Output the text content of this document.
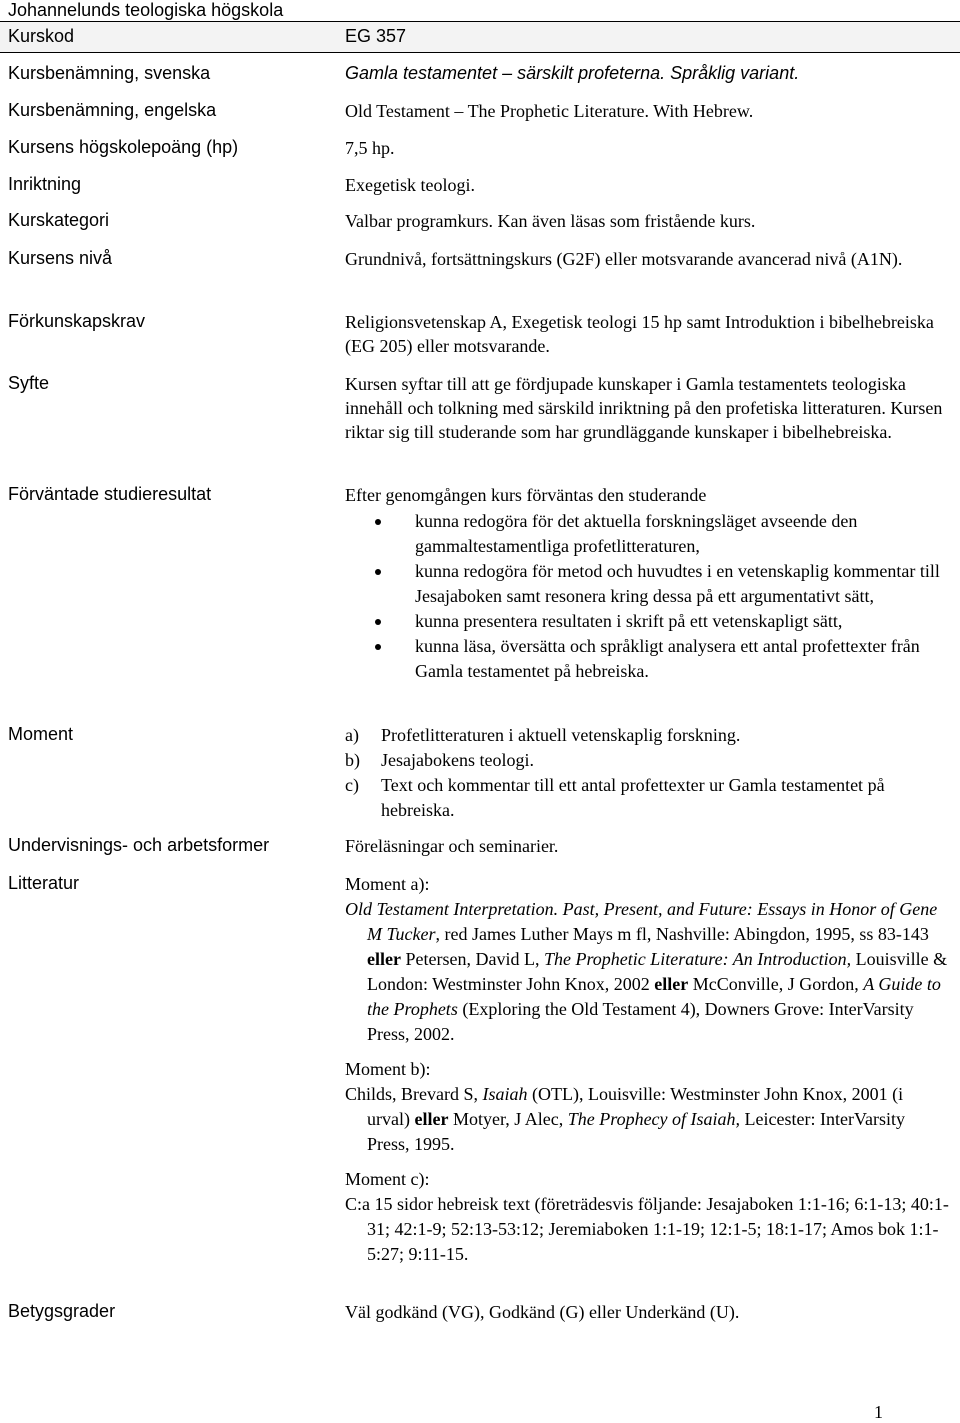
Johannelunds teologiska högskola
Kurskod	EG 357
Kursbenämning, svenska	Gamla testamentet – särskilt profeterna. Språklig variant.
Kursbenämning, engelska	Old Testament – The Prophetic Literature. With Hebrew.
Kursens högskolepoäng (hp)	7,5 hp.
Inriktning	Exegetisk teologi.
Kurskategori	Valbar programkurs. Kan även läsas som fristående kurs.
Kursens nivå	Grundnivå, fortsättningskurs (G2F) eller motsvarande avancerad nivå (A1N).
Förkunskapskrav	Religionsvetenskap A, Exegetisk teologi 15 hp samt Introduktion i bibelhebreiska (EG 205) eller motsvarande.
Syfte	Kursen syftar till att ge fördjupade kunskaper i Gamla testamentets teologiska innehåll och tolkning med särskild inriktning på den profetiska litteraturen. Kursen riktar sig till studerande som har grundläggande kunskaper i bibelhebreiska.
Förväntade studieresultat	Efter genomgången kurs förväntas den studerande

kunna redogöra för det aktuella forskningsläget avseende den gammaltestamentliga profetlitteraturen,
kunna redogöra för metod och huvudtes i en vetenskaplig kommentar till Jesajaboken samt resonera kring dessa på ett argumentativt sätt,
kunna presentera resultaten i skrift på ett vetenskapligt sätt,
kunna läsa, översätta och språkligt analysera ett antal profettexter från Gamla testamentet på hebreiska.
Moment	a) Profetlitteraturen i aktuell vetenskaplig forskning.
b) Jesajabokens teologi.
c) Text och kommentar till ett antal profettexter ur Gamla testamentet på hebreiska.
Undervisnings- och arbetsformer	Föreläsningar och seminarier.
Litteratur	Moment a):
Old Testament Interpretation. Past, Present, and Future: Essays in Honor of Gene M Tucker, red James Luther Mays m fl, Nashville: Abingdon, 1995, ss 83-143 eller Petersen, David L, The Prophetic Literature: An Introduction, Louisville & London: Westminster John Knox, 2002 eller McConville, J Gordon, A Guide to the Prophets (Exploring the Old Testament 4), Downers Grove: InterVarsity Press, 2002.
Moment b):
Childs, Brevard S, Isaiah (OTL), Louisville: Westminster John Knox, 2001 (i urval) eller Motyer, J Alec, The Prophecy of Isaiah, Leicester: InterVarsity Press, 1995.
Moment c):
C:a 15 sidor hebreisk text (företrädesvis följande: Jesajaboken 1:1-16; 6:1-13; 40:1-31; 42:1-9; 52:13-53:12; Jeremiaboken 1:1-19; 12:1-5; 18:1-17; Amos bok 1:1-5:27; 9:11-15.
Betygsgrader	Väl godkänd (VG), Godkänd (G) eller Underkänd (U).
1
